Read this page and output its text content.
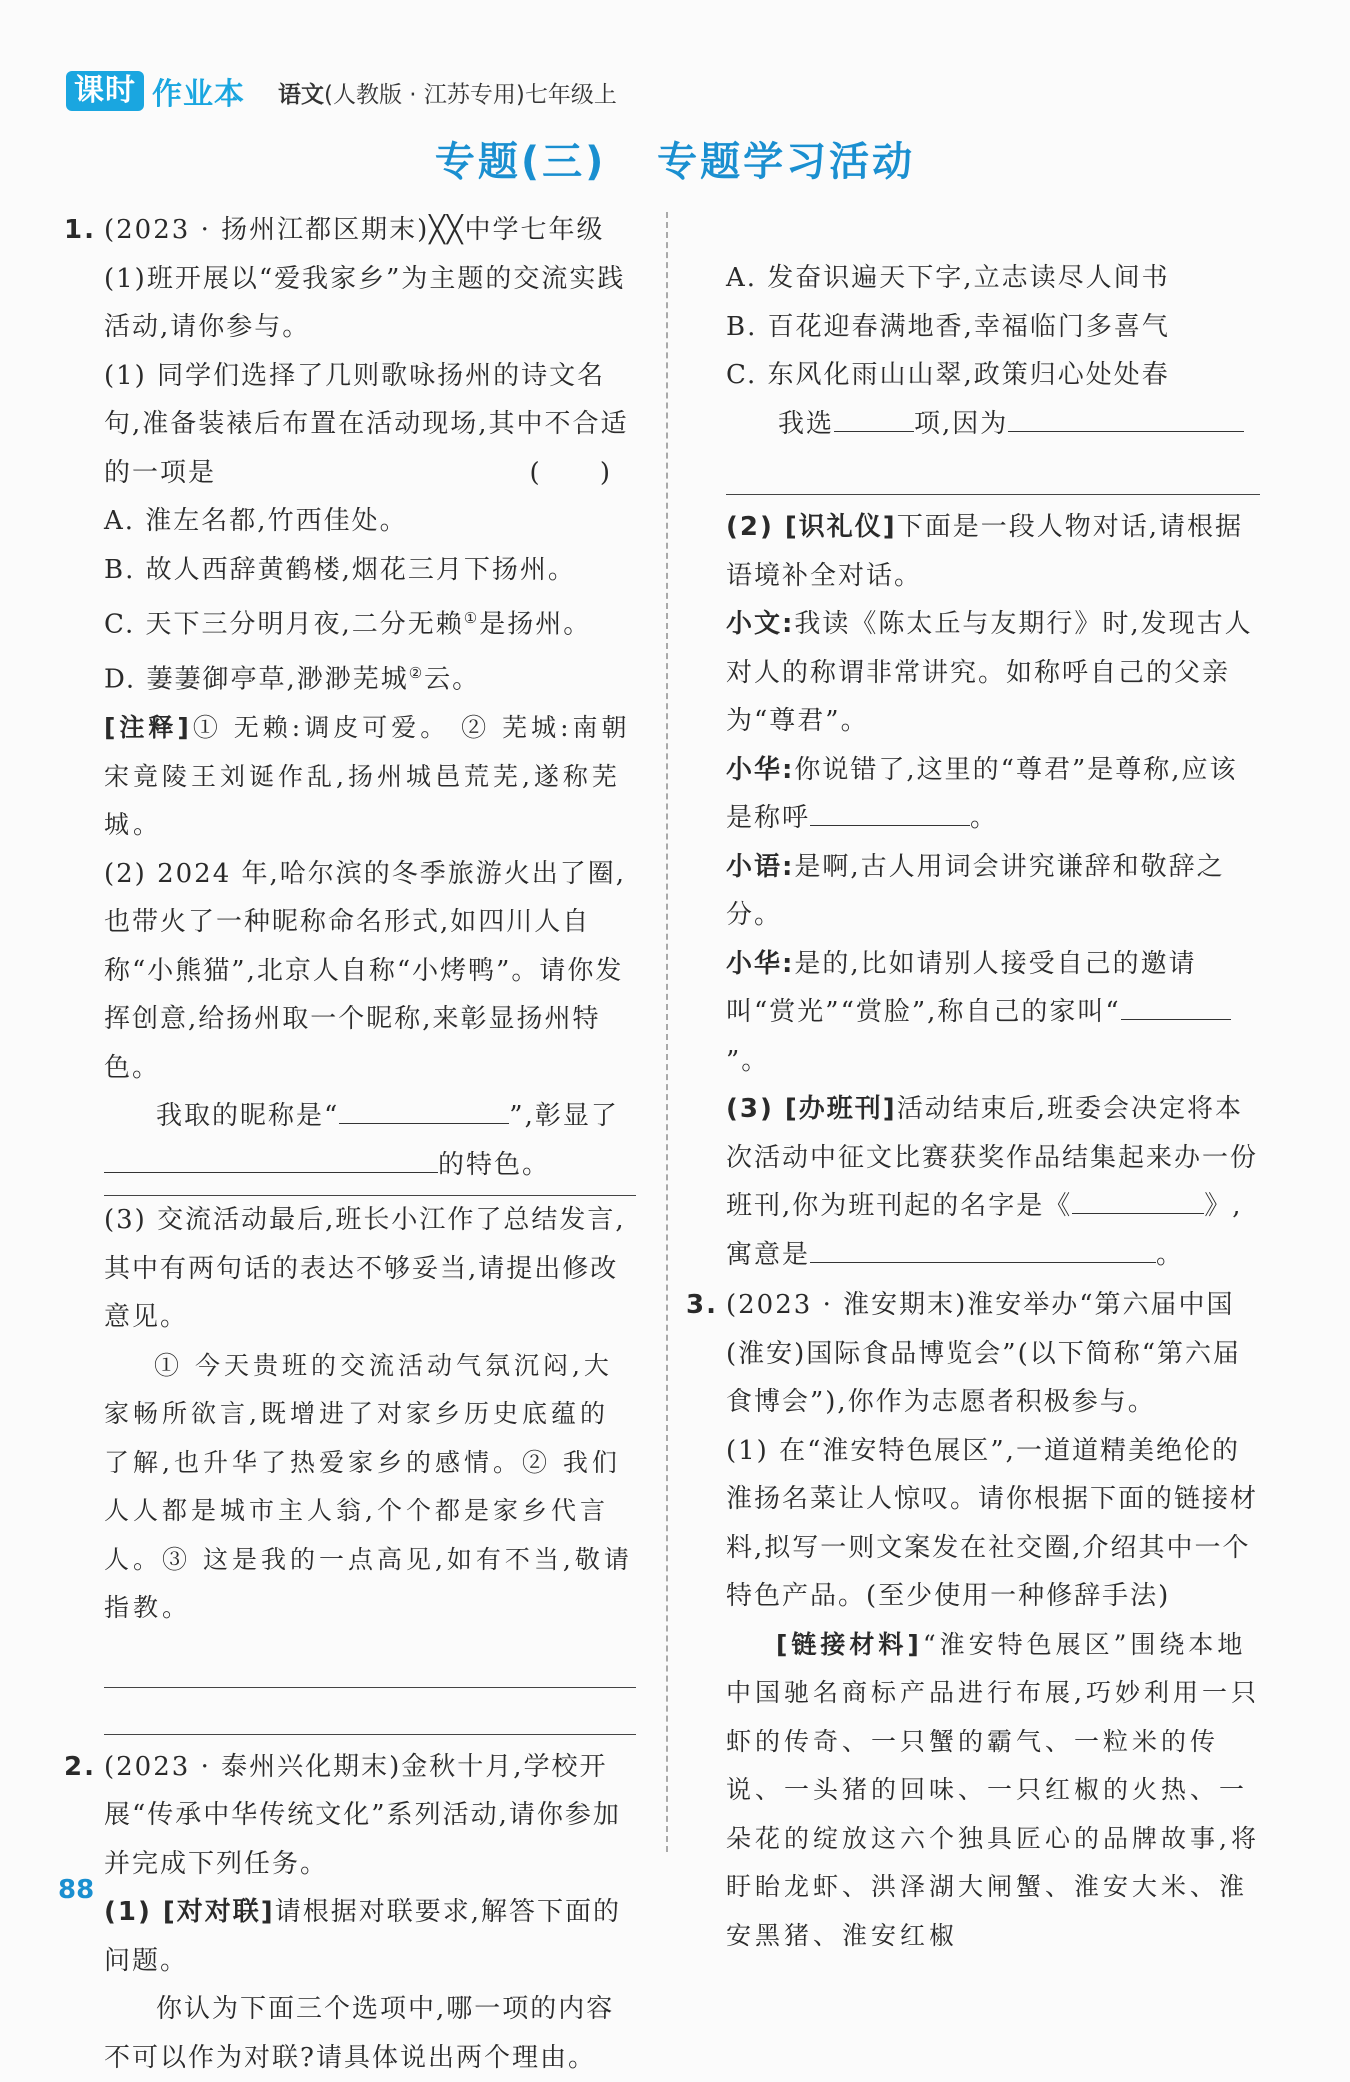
课时 作业本 语文(人教版 · 江苏专用)七年级上
专题(三)   专题学习活动
1. (2023 · 扬州江都区期末)╳╳中学七年级(1)班开展以“爱我家乡”为主题的交流实践活动,请你参与。
(1) 同学们选择了几则歌咏扬州的诗文名句,准备装裱后布置在活动现场,其中不合适的一项是	( )
A. 淮左名都,竹西佳处。
B. 故人西辞黄鹤楼,烟花三月下扬州。
C. 天下三分明月夜,二分无赖①是扬州。
D. 萋萋御亭草,渺渺芜城②云。
[注释]① 无赖:调皮可爱。 ② 芜城:南朝宋竟陵王刘诞作乱,扬州城邑荒芜,遂称芜城。
(2) 2024 年,哈尔滨的冬季旅游火出了圈,也带火了一种昵称命名形式,如四川人自称“小熊猫”,北京人自称“小烤鸭”。请你发挥创意,给扬州取一个昵称,来彰显扬州特色。
我取的昵称是“	”,彰显了
的特色。
(3) 交流活动最后,班长小江作了总结发言,其中有两句话的表达不够妥当,请提出修改意见。
① 今天贵班的交流活动气氛沉闷,大家畅所欲言,既增进了对家乡历史底蕴的了解,也升华了热爱家乡的感情。② 我们人人都是城市主人翁,个个都是家乡代言人。③ 这是我的一点高见,如有不当,敬请指教。
2. (2023 · 泰州兴化期末)金秋十月,学校开展“传承中华传统文化”系列活动,请你参加并完成下列任务。
(1) [对对联]请根据对联要求,解答下面的问题。
你认为下面三个选项中,哪一项的内容不可以作为对联?请具体说出两个理由。
A. 发奋识遍天下字,立志读尽人间书
B. 百花迎春满地香,幸福临门多喜气
C. 东风化雨山山翠,政策归心处处春
我选	项,因为
(2) [识礼仪]下面是一段人物对话,请根据语境补全对话。
小文:我读《陈太丘与友期行》时,发现古人对人的称谓非常讲究。如称呼自己的父亲为“尊君”。
小华:你说错了,这里的“尊君”是尊称,应该是称呼	。
小语:是啊,古人用词会讲究谦辞和敬辞之分。
小华:是的,比如请别人接受自己的邀请叫“赏光”“赏脸”,称自己的家叫“”。
(3) [办班刊]活动结束后,班委会决定将本次活动中征文比赛获奖作品结集起来办一份班刊,你为班刊起的名字是《	》,
寓意是	。
3. (2023 · 淮安期末)淮安举办“第六届中国(淮安)国际食品博览会”(以下简称“第六届食博会”),你作为志愿者积极参与。
(1) 在“淮安特色展区”,一道道精美绝伦的淮扬名菜让人惊叹。请你根据下面的链接材料,拟写一则文案发在社交圈,介绍其中一个特色产品。(至少使用一种修辞手法)
[链接材料]“淮安特色展区”围绕本地中国驰名商标产品进行布展,巧妙利用一只虾的传奇、一只蟹的霸气、一粒米的传说、一头猪的回味、一只红椒的火热、一朵花的绽放这六个独具匠心的品牌故事,将盱眙龙虾、洪泽湖大闸蟹、淮安大米、淮安黑猪、淮安红椒
88
